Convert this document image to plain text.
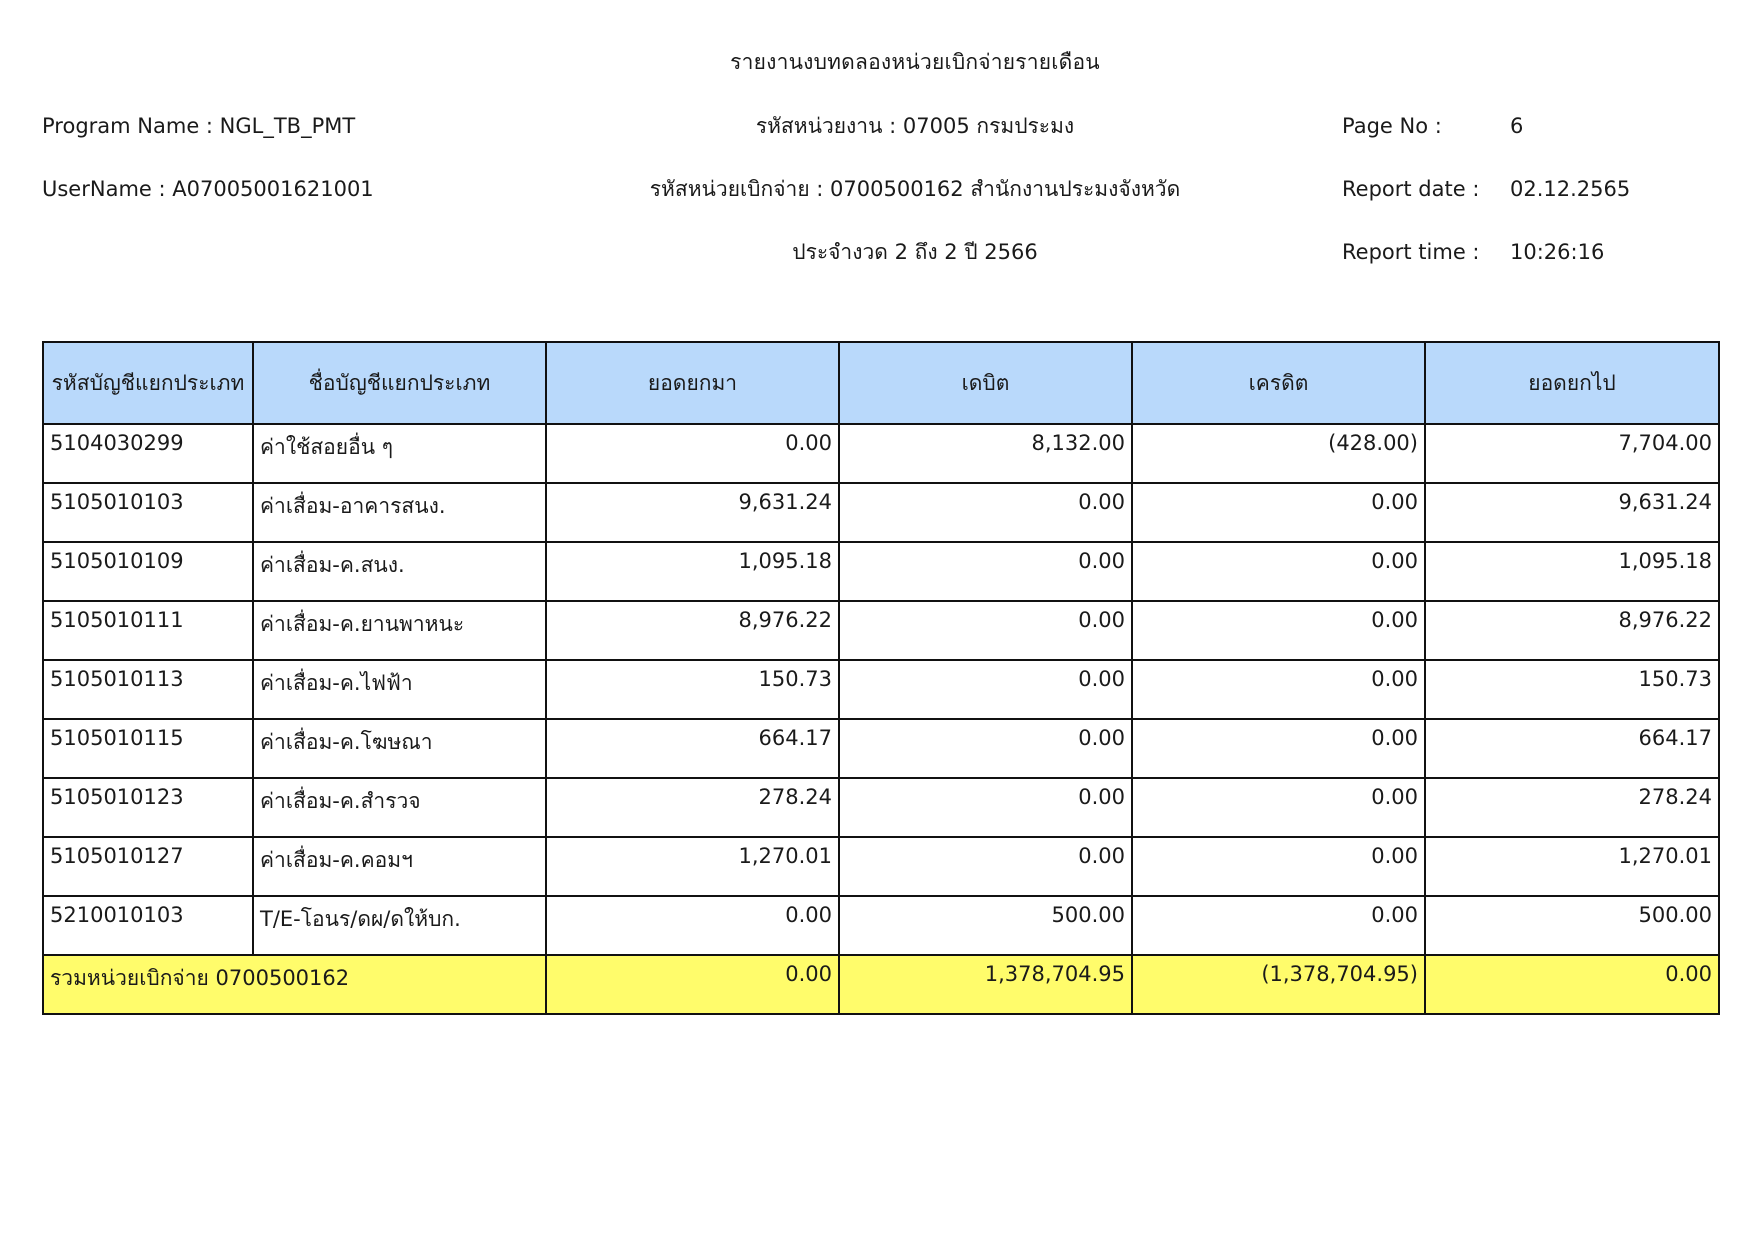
รายงานงบทดลองหน่วยเบิกจ่ายรายเดือน
Program Name : NGL_TB_PMT
UserName : A07005001621001
รหัสหน่วยงาน : 07005 กรมประมง
รหัสหน่วยเบิกจ่าย : 0700500162 สำนักงานประมงจังหวัด
ประจำงวด 2 ถึง 2 ปี 2566
Page No :	6
Report date : 02.12.2565
Report time : 10:26:16
รหัสบัญชีแยกประเภท	ชื่อบัญชีแยกประเภท	ยอดยกมา	เดบิต	เครดิต	ยอดยกไป
5104030299	ค่าใช้สอยอื่น ๆ	0.00	8,132.00	(428.00)	7,704.00
5105010103	ค่าเสื่อม-อาคารสนง.	9,631.24	0.00	0.00	9,631.24
5105010109	ค่าเสื่อม-ค.สนง.	1,095.18	0.00	0.00	1,095.18
5105010111	ค่าเสื่อม-ค.ยานพาหนะ	8,976.22	0.00	0.00	8,976.22
5105010113	ค่าเสื่อม-ค.ไฟฟ้า	150.73	0.00	0.00	150.73
5105010115	ค่าเสื่อม-ค.โฆษณา	664.17	0.00	0.00	664.17
5105010123	ค่าเสื่อม-ค.สำรวจ	278.24	0.00	0.00	278.24
5105010127	ค่าเสื่อม-ค.คอมฯ	1,270.01	0.00	0.00	1,270.01
5210010103	T/E-โอนร/ดผ/ดให้บก.	0.00	500.00	0.00	500.00
รวมหน่วยเบิกจ่าย 0700500162		0.00	1,378,704.95	(1,378,704.95)	0.00
